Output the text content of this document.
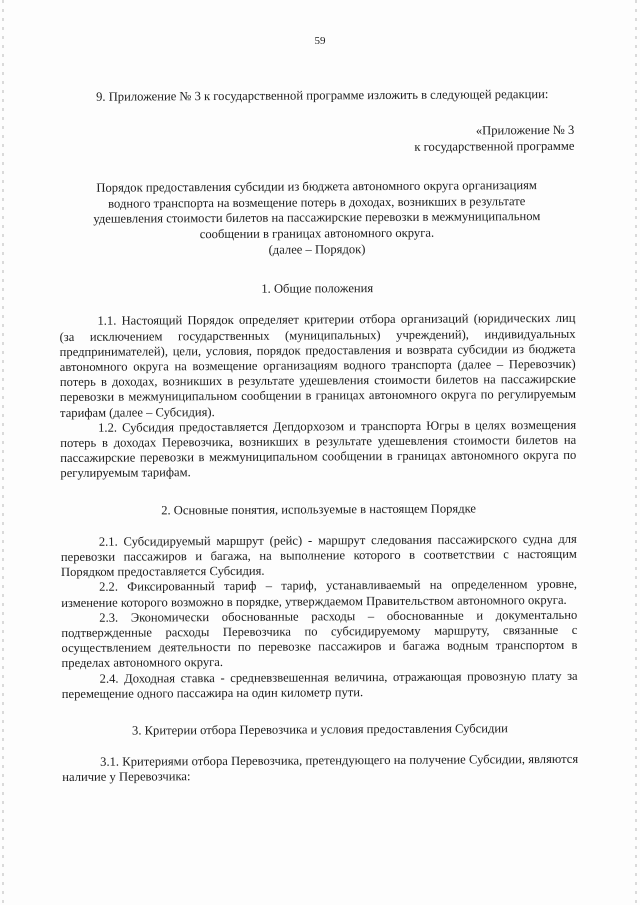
59

9. Приложение № 3 к государственной программе изложить в следующей редакции:

«Приложение № 3
к государственной программе
Порядок предоставления субсидии из бюджета автономного округа организациям водного транспорта на возмещение потерь в доходах, возникших в результате удешевления стоимости билетов на пассажирские перевозки в межмуниципальном сообщении в границах автономного округа.
(далее – Порядок)
1. Общие положения

1.1. Настоящий Порядок определяет критерии отбора организаций (юридических лиц (за исключением государственных (муниципальных) учреждений), индивидуальных предпринимателей), цели, условия, порядок предоставления и возврата субсидии из бюджета автономного округа на возмещение организациям водного транспорта (далее – Перевозчик) потерь в доходах, возникших в результате удешевления стоимости билетов на пассажирские перевозки в межмуниципальном сообщении в границах автономного округа по регулируемым тарифам (далее – Субсидия).

1.2. Субсидия предоставляется Депдорхозом и транспорта Югры в целях возмещения потерь в доходах Перевозчика, возникших в результате удешевления стоимости билетов на пассажирские перевозки в межмуниципальном сообщении в границах автономного округа по регулируемым тарифам.

2. Основные понятия, используемые в настоящем Порядке

2.1. Субсидируемый маршрут (рейс) - маршрут следования пассажирского судна для перевозки пассажиров и багажа, на выполнение которого в соответствии с настоящим Порядком предоставляется Субсидия.

2.2. Фиксированный тариф – тариф, устанавливаемый на определенном уровне, изменение которого возможно в порядке, утверждаемом Правительством автономного округа.

2.3. Экономически обоснованные расходы – обоснованные и документально подтвержденные расходы Перевозчика по субсидируемому маршруту, связанные с осуществлением деятельности по перевозке пассажиров и багажа водным транспортом в пределах автономного округа.

2.4. Доходная ставка - средневзвешенная величина, отражающая провозную плату за перемещение одного пассажира на один километр пути.

3. Критерии отбора Перевозчика и условия предоставления Субсидии

3.1. Критериями отбора Перевозчика, претендующего на получение Субсидии, являются наличие у Перевозчика:
